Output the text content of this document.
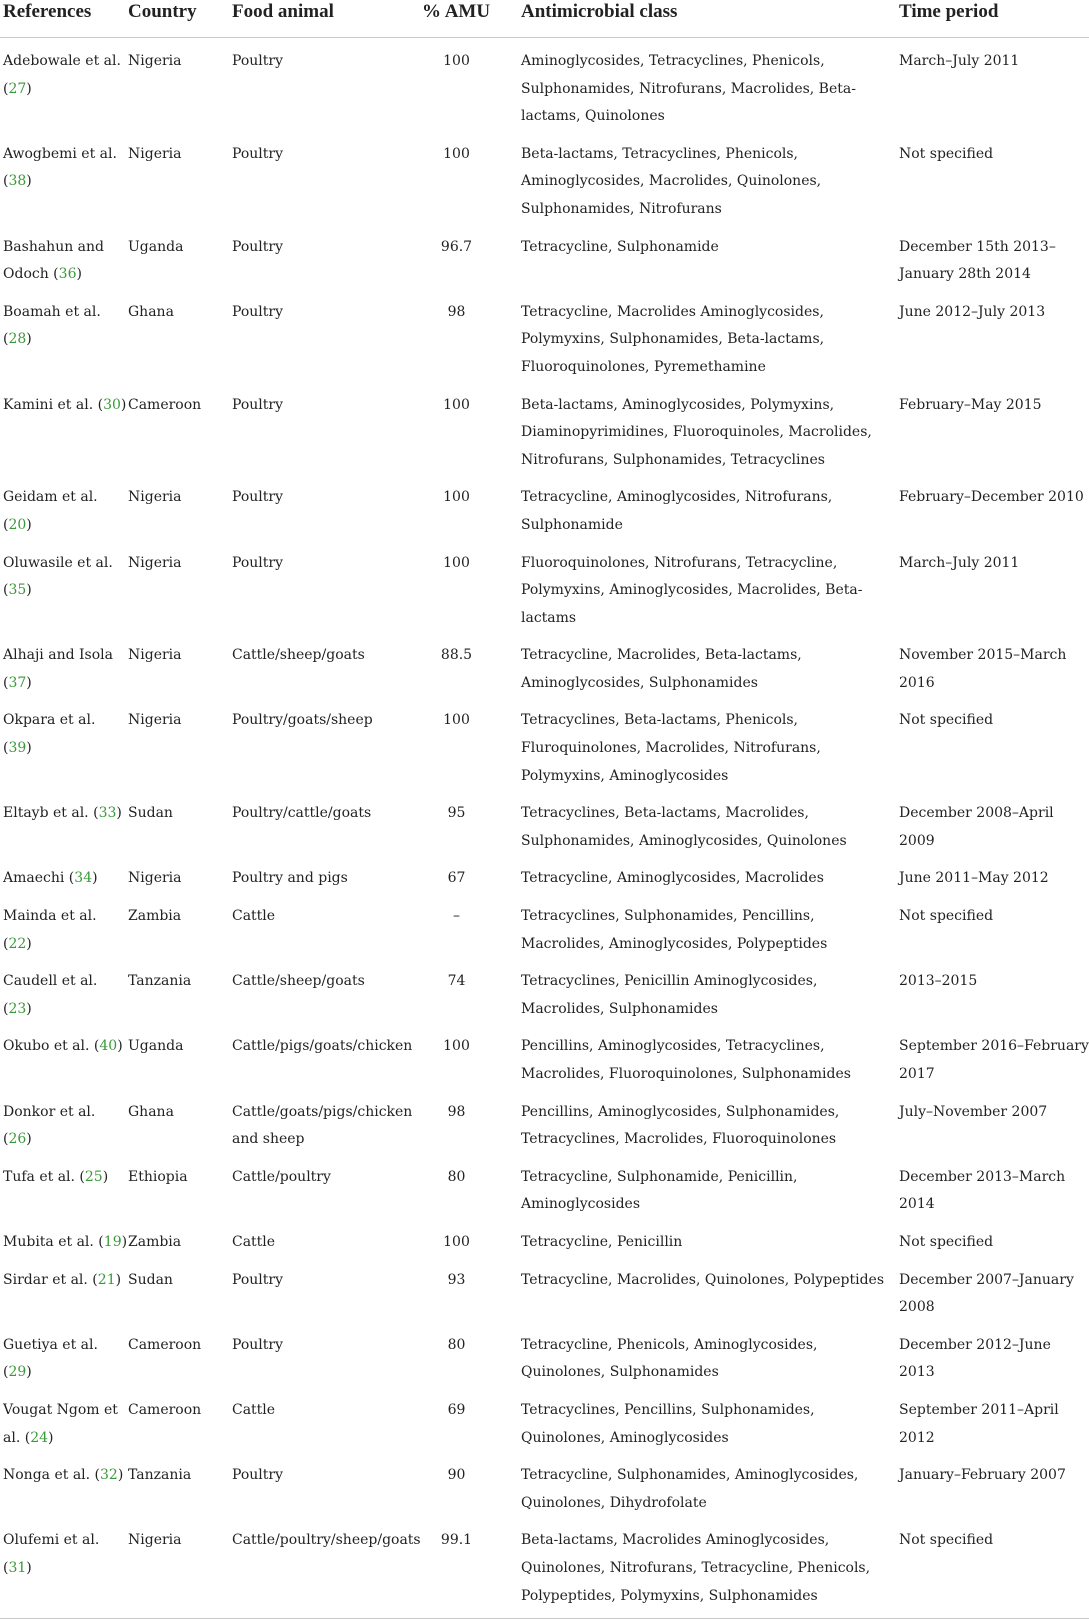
References	Country	Food animal	% AMU	Antimicrobial class	Time period
Adebowale et al. (27)	Nigeria	Poultry	100	Aminoglycosides, Tetracyclines, Phenicols, Sulphonamides, Nitrofurans, Macrolides, Beta-lactams, Quinolones	March–July 2011
Awogbemi et al. (38)	Nigeria	Poultry	100	Beta-lactams, Tetracyclines, Phenicols, Aminoglycosides, Macrolides, Quinolones, Sulphonamides, Nitrofurans	Not specified
Bashahun and Odoch (36)	Uganda	Poultry	96.7	Tetracycline, Sulphonamide	December 15th 2013–January 28th 2014
Boamah et al. (28)	Ghana	Poultry	98	Tetracycline, Macrolides Aminoglycosides, Polymyxins, Sulphonamides, Beta-lactams, Fluoroquinolones, Pyremethamine	June 2012–July 2013
Kamini et al. (30)	Cameroon	Poultry	100	Beta-lactams, Aminoglycosides, Polymyxins, Diaminopyrimidines, Fluoroquinoles, Macrolides, Nitrofurans, Sulphonamides, Tetracyclines	February–May 2015
Geidam et al. (20)	Nigeria	Poultry	100	Tetracycline, Aminoglycosides, Nitrofurans, Sulphonamide	February–December 2010
Oluwasile et al. (35)	Nigeria	Poultry	100	Fluoroquinolones, Nitrofurans, Tetracycline, Polymyxins, Aminoglycosides, Macrolides, Beta-lactams	March–July 2011
Alhaji and Isola (37)	Nigeria	Cattle/sheep/goats	88.5	Tetracycline, Macrolides, Beta-lactams, Aminoglycosides, Sulphonamides	November 2015–March 2016
Okpara et al. (39)	Nigeria	Poultry/goats/sheep	100	Tetracyclines, Beta-lactams, Phenicols, Fluroquinolones, Macrolides, Nitrofurans, Polymyxins, Aminoglycosides	Not specified
Eltayb et al. (33)	Sudan	Poultry/cattle/goats	95	Tetracyclines, Beta-lactams, Macrolides, Sulphonamides, Aminoglycosides, Quinolones	December 2008–April 2009
Amaechi (34)	Nigeria	Poultry and pigs	67	Tetracycline, Aminoglycosides, Macrolides	June 2011–May 2012
Mainda et al. (22)	Zambia	Cattle	–	Tetracyclines, Sulphonamides, Pencillins, Macrolides, Aminoglycosides, Polypeptides	Not specified
Caudell et al. (23)	Tanzania	Cattle/sheep/goats	74	Tetracyclines, Penicillin Aminoglycosides, Macrolides, Sulphonamides	2013–2015
Okubo et al. (40)	Uganda	Cattle/pigs/goats/chicken	100	Pencillins, Aminoglycosides, Tetracyclines, Macrolides, Fluoroquinolones, Sulphonamides	September 2016–February 2017
Donkor et al. (26)	Ghana	Cattle/goats/pigs/chicken and sheep	98	Pencillins, Aminoglycosides, Sulphonamides, Tetracyclines, Macrolides, Fluoroquinolones	July–November 2007
Tufa et al. (25)	Ethiopia	Cattle/poultry	80	Tetracycline, Sulphonamide, Penicillin, Aminoglycosides	December 2013–March 2014
Mubita et al. (19)	Zambia	Cattle	100	Tetracycline, Penicillin	Not specified
Sirdar et al. (21)	Sudan	Poultry	93	Tetracycline, Macrolides, Quinolones, Polypeptides	December 2007–January 2008
Guetiya et al. (29)	Cameroon	Poultry	80	Tetracycline, Phenicols, Aminoglycosides, Quinolones, Sulphonamides	December 2012–June 2013
Vougat Ngom et al. (24)	Cameroon	Cattle	69	Tetracyclines, Pencillins, Sulphonamides, Quinolones, Aminoglycosides	September 2011–April 2012
Nonga et al. (32)	Tanzania	Poultry	90	Tetracycline, Sulphonamides, Aminoglycosides, Quinolones, Dihydrofolate	January–February 2007
Olufemi et al. (31)	Nigeria	Cattle/poultry/sheep/goats	99.1	Beta-lactams, Macrolides Aminoglycosides, Quinolones, Nitrofurans, Tetracycline, Phenicols, Polypeptides, Polymyxins, Sulphonamides	Not specified
